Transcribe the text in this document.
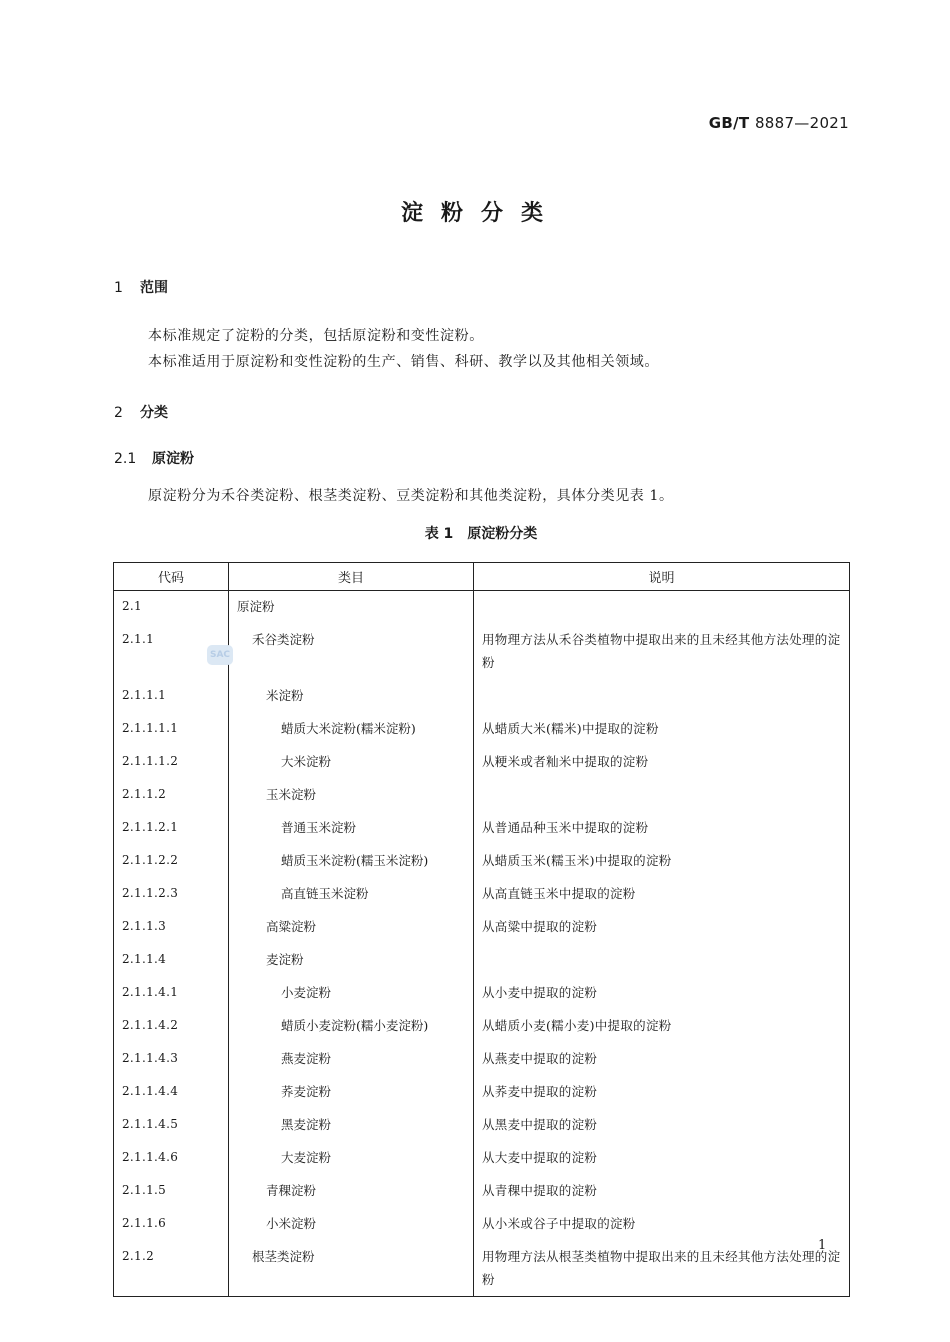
GB/T 8887—2021
淀粉分类
1 范围
本标准规定了淀粉的分类，包括原淀粉和变性淀粉。
本标准适用于原淀粉和变性淀粉的生产、销售、科研、教学以及其他相关领域。
2 分类
2.1 原淀粉
原淀粉分为禾谷类淀粉、根茎类淀粉、豆类淀粉和其他类淀粉，具体分类见表 1。
表 1 原淀粉分类
代码	类目	说明
2.1	原淀粉	
2.1.1	禾谷类淀粉	用物理方法从禾谷类植物中提取出来的且未经其他方法处理的淀粉
2.1.1.1	米淀粉	
2.1.1.1.1	蜡质大米淀粉(糯米淀粉)	从蜡质大米(糯米)中提取的淀粉
2.1.1.1.2	大米淀粉	从粳米或者籼米中提取的淀粉
2.1.1.2	玉米淀粉	
2.1.1.2.1	普通玉米淀粉	从普通品种玉米中提取的淀粉
2.1.1.2.2	蜡质玉米淀粉(糯玉米淀粉)	从蜡质玉米(糯玉米)中提取的淀粉
2.1.1.2.3	高直链玉米淀粉	从高直链玉米中提取的淀粉
2.1.1.3	高粱淀粉	从高粱中提取的淀粉
2.1.1.4	麦淀粉	
2.1.1.4.1	小麦淀粉	从小麦中提取的淀粉
2.1.1.4.2	蜡质小麦淀粉(糯小麦淀粉)	从蜡质小麦(糯小麦)中提取的淀粉
2.1.1.4.3	燕麦淀粉	从燕麦中提取的淀粉
2.1.1.4.4	荞麦淀粉	从荞麦中提取的淀粉
2.1.1.4.5	黑麦淀粉	从黑麦中提取的淀粉
2.1.1.4.6	大麦淀粉	从大麦中提取的淀粉
2.1.1.5	青稞淀粉	从青稞中提取的淀粉
2.1.1.6	小米淀粉	从小米或谷子中提取的淀粉
2.1.2	根茎类淀粉	用物理方法从根茎类植物中提取出来的且未经其他方法处理的淀粉
SAC
1
